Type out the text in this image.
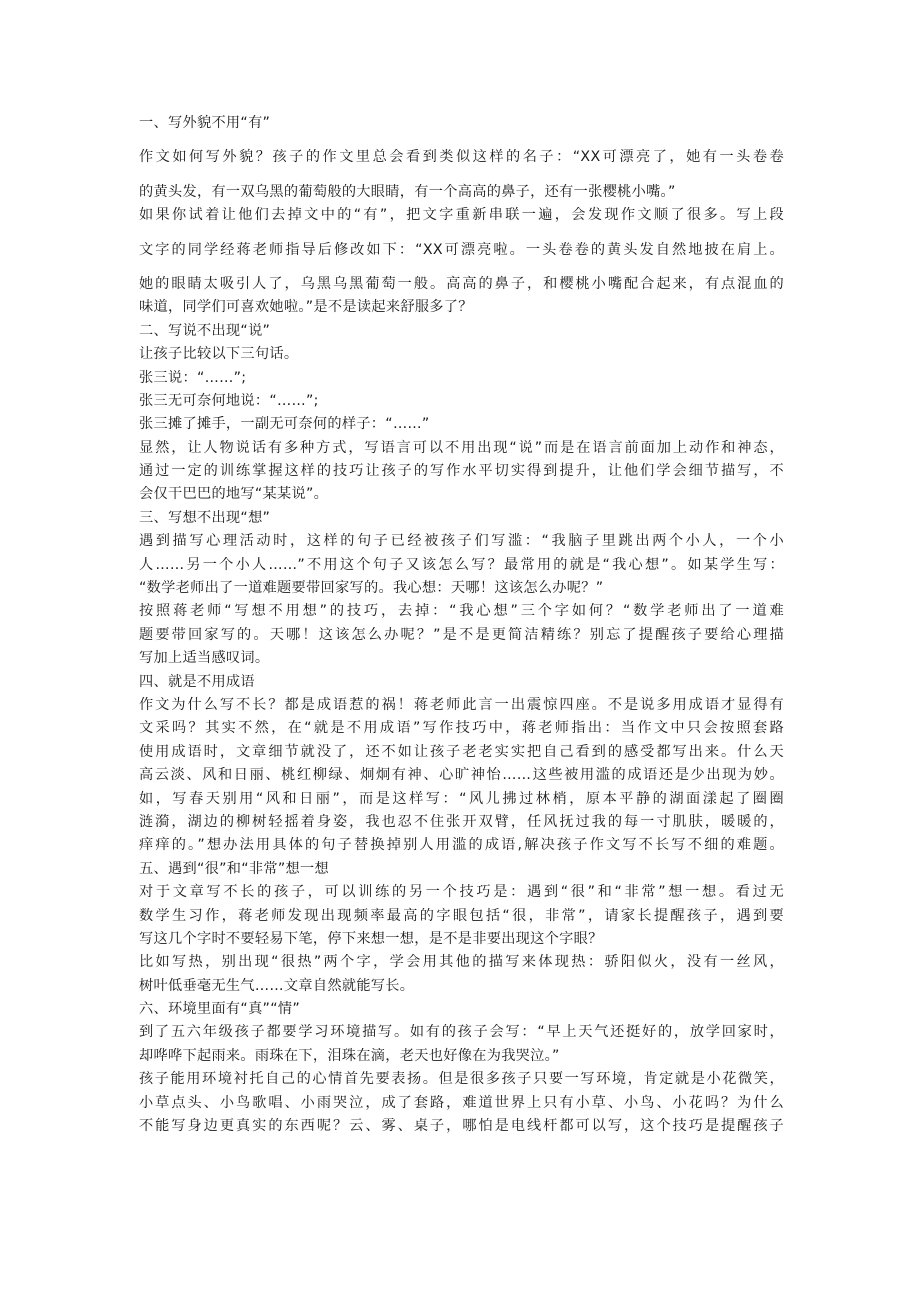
一、写外貌不用“有”
作文如何写外貌？孩子的作文里总会看到类似这样的名子：“XX可漂亮了，她有一头卷卷
的黄头发，有一双乌黑的葡萄般的大眼睛，有一个高高的鼻子，还有一张樱桃小嘴。”
如果你试着让他们去掉文中的“有”，把文字重新串联一遍，会发现作文顺了很多。写上段
文字的同学经蒋老师指导后修改如下：“XX可漂亮啦。一头卷卷的黄头发自然地披在肩上。
她的眼睛太吸引人了，乌黑乌黑葡萄一般。高高的鼻子，和樱桃小嘴配合起来，有点混血的
味道，同学们可喜欢她啦。”是不是读起来舒服多了？
二、写说不出现“说”
让孩子比较以下三句话。
张三说：“……”;
张三无可奈何地说：“……”;
张三摊了摊手，一副无可奈何的样子：“……”
显然，让人物说话有多种方式，写语言可以不用出现“说”而是在语言前面加上动作和神态，
通过一定的训练掌握这样的技巧让孩子的写作水平切实得到提升，让他们学会细节描写，不
会仅干巴巴的地写“某某说”。
三、写想不出现“想”
遇到描写心理活动时，这样的句子已经被孩子们写滥：“我脑子里跳出两个小人，一个小
人……另一个小人……”不用这个句子又该怎么写？最常用的就是“我心想”。如某学生写：
“数学老师出了一道难题要带回家写的。我心想：天哪！这该怎么办呢？”
按照蒋老师“写想不用想”的技巧，去掉：“我心想”三个字如何？“数学老师出了一道难
题要带回家写的。天哪！这该怎么办呢？”是不是更简洁精练？别忘了提醒孩子要给心理描
写加上适当感叹词。
四、就是不用成语
作文为什么写不长？都是成语惹的祸！蒋老师此言一出震惊四座。不是说多用成语才显得有
文采吗？其实不然，在“就是不用成语”写作技巧中，蒋老师指出：当作文中只会按照套路
使用成语时，文章细节就没了，还不如让孩子老老实实把自己看到的感受都写出来。什么天
高云淡、风和日丽、桃红柳绿、炯炯有神、心旷神怡……这些被用滥的成语还是少出现为妙。
如，写春天别用“风和日丽”，而是这样写：“风儿拂过林梢，原本平静的湖面漾起了圈圈
涟漪，湖边的柳树轻摇着身姿，我也忍不住张开双臂，任风抚过我的每一寸肌肤，暖暖的，
痒痒的。”想办法用具体的句子替换掉别人用滥的成语,解决孩子作文写不长写不细的难题。
五、遇到“很”和“非常”想一想
对于文章写不长的孩子，可以训练的另一个技巧是：遇到“很”和“非常”想一想。看过无
数学生习作，蒋老师发现出现频率最高的字眼包括“很，非常”，请家长提醒孩子，遇到要
写这几个字时不要轻易下笔，停下来想一想，是不是非要出现这个字眼？
比如写热，别出现“很热”两个字，学会用其他的描写来体现热：骄阳似火，没有一丝风，
树叶低垂毫无生气……文章自然就能写长。
六、环境里面有“真”“情”
到了五六年级孩子都要学习环境描写。如有的孩子会写：“早上天气还挺好的，放学回家时，
却哗哗下起雨来。雨珠在下，泪珠在滴，老天也好像在为我哭泣。”
孩子能用环境衬托自己的心情首先要表扬。但是很多孩子只要一写环境，肯定就是小花微笑，
小草点头、小鸟歌唱、小雨哭泣，成了套路，难道世界上只有小草、小鸟、小花吗？为什么
不能写身边更真实的东西呢？云、雾、桌子，哪怕是电线杆都可以写，这个技巧是提醒孩子
